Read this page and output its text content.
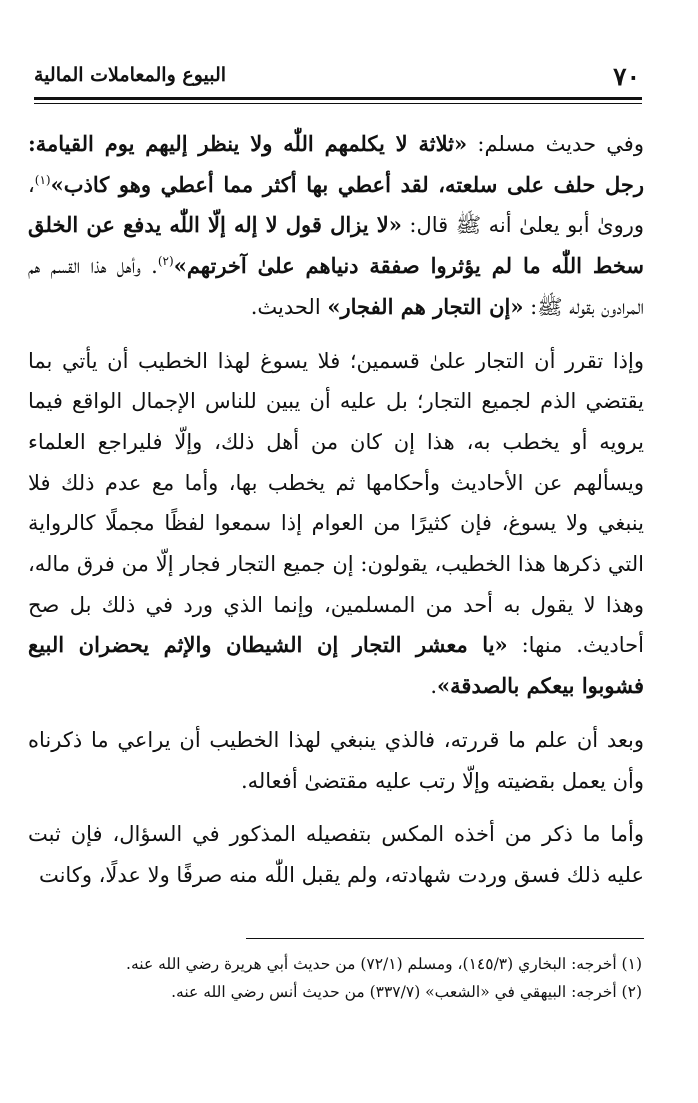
٧٠
البيوع والمعاملات المالية

وفي حديث مسلم: «ثلاثة لا يكلمهم اللّٰه ولا ينظر إليهم يوم القيامة: رجل حلف على سلعته، لقد أعطي بها أكثر مما أعطي وهو كاذب»$^{(١)}$، وروىٰ أبو يعلىٰ أنه ﷺ قال: «لا يزال قول لا إله إلّا اللّٰه يدفع عن الخلق سخط اللّٰه ما لم يؤثروا صفقة دنياهم علىٰ آخرتهم»$^{(٢)}$. وأهل هذا القسم هم المرادون بقوله ﷺ: «إن التجار هم الفجار» الحديث.

وإذا تقرر أن التجار علىٰ قسمين؛ فلا يسوغ لهذا الخطيب أن يأتي بما يقتضي الذم لجميع التجار؛ بل عليه أن يبين للناس الإجمال الواقع فيما يرويه أو يخطب به، هذا إن كان من أهل ذلك، وإلّا فليراجع العلماء ويسألهم عن الأحاديث وأحكامها ثم يخطب بها، وأما مع عدم ذلك فلا ينبغي ولا يسوغ، فإن كثيرًا من العوام إذا سمعوا لفظًا مجملًا كالرواية التي ذكرها هذا الخطيب، يقولون: إن جميع التجار فجار إلّا من فرق ماله، وهذا لا يقول به أحد من المسلمين، وإنما الذي ورد في ذلك بل صح أحاديث. منها: «يا معشر التجار إن الشيطان والإثم يحضران البيع فشوبوا بيعكم بالصدقة».

وبعد أن علم ما قررته، فالذي ينبغي لهذا الخطيب أن يراعي ما ذكرناه وأن يعمل بقضيته وإلّا رتب عليه مقتضىٰ أفعاله.

وأما ما ذكر من أخذه المكس بتفصيله المذكور في السؤال، فإن ثبت عليه ذلك فسق وردت شهادته، ولم يقبل اللّٰه منه صرفًا ولا عدلًا، وكانت

(١) أخرجه: البخاري (١٤٥/٣)، ومسلم (٧٢/١) من حديث أبي هريرة رضي الله عنه.

(٢) أخرجه: البيهقي في «الشعب» (٣٣٧/٧) من حديث أنس رضي الله عنه.
